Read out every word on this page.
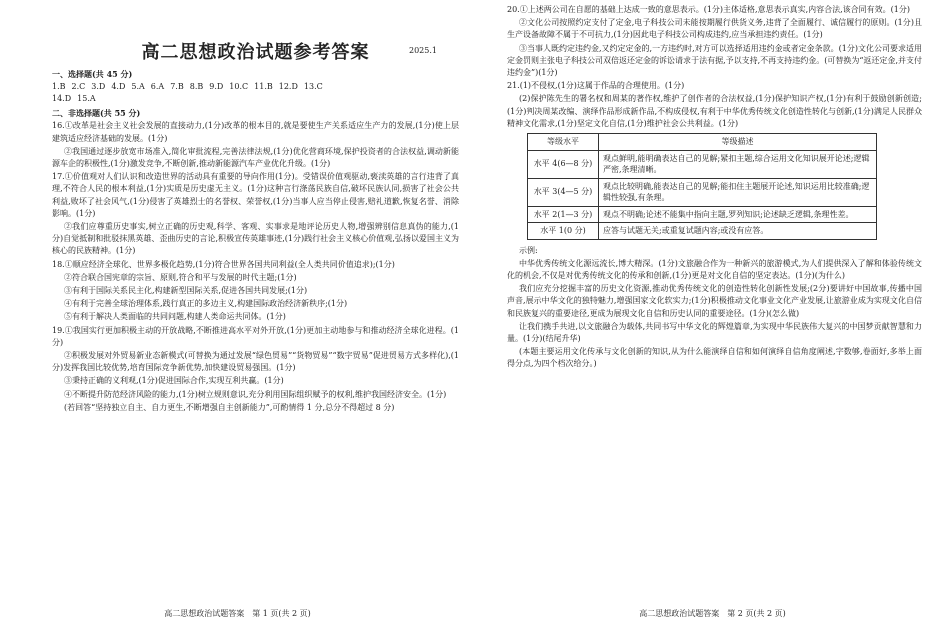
高二思想政治试题参考答案	2025.1
一、选择题(共 45 分)
1.B 2.C 3.D 4.D 5.A 6.A 7.B 8.B 9.D 10.C 11.B 12.D 13.C
14.D 15.A
二、非选择题(共 55 分)

16.①改革是社会主义社会发展的直接动力,(1分)改革的根本目的,就是要使生产关系适应生产力的发展,(1分)使上层建筑适应经济基础的发展。(1分)

②我国通过逐步放宽市场准入,简化审批流程,完善法律法规,(1分)优化营商环境,保护投资者的合法权益,调动新能源车企的积极性,(1分)激发竞争,不断创新,推动新能源汽车产业优化升级。(1分)

17.①价值观对人们认识和改造世界的活动具有重要的导向作用(1分)。受错误价值观驱动,亵渎英雄的言行违背了真理,不符合人民的根本利益,(1分)实质是历史虚无主义。(1分)这种言行涤荡民族自信,破坏民族认同,损害了社会公共利益,败坏了社会风气,(1分)侵害了英雄烈士的名誉权、荣誉权,(1分)当事人应当停止侵害,赔礼道歉,恢复名誉、消除影响。(1分)

②我们应尊重历史事实,树立正确的历史观,科学、客观、实事求是地评论历史人物,增强辨别信息真伪的能力,(1分)自觉抵制和批驳抹黑英雄、歪曲历史的言论,积极宣传英雄事迹,(1分)践行社会主义核心价值观,弘扬以爱国主义为核心的民族精神。(1分)

18.①顺应经济全球化、世界多极化趋势,(1分)符合世界各国共同利益(全人类共同价值追求);(1分)

②符合联合国宪章的宗旨、原则,符合和平与发展的时代主题;(1分)

③有利于国际关系民主化,构建新型国际关系,促进各国共同发展;(1分)

④有利于完善全球治理体系,践行真正的多边主义,构建国际政治经济新秩序;(1分)

⑤有利于解决人类面临的共同问题,构建人类命运共同体。(1分)

19.①我国实行更加积极主动的开放战略,不断推进高水平对外开放,(1分)更加主动地参与和推动经济全球化进程。(1分)

②积极发展对外贸易新业态新模式(可替换为通过发展“绿色贸易”“货物贸易”“数字贸易”促进贸易方式多样化),(1分)发挥我国比较优势,培育国际竞争新优势,加快建设贸易强国。(1分)

③秉持正确的义利观,(1分)促进国际合作,实现互利共赢。(1分)

④不断提升防范经济风险的能力,(1分)树立规则意识,充分利用国际组织赋予的权利,维护我国经济安全。(1分)

(若回答“坚持独立自主、自力更生,不断增强自主创新能力”,可酌情得 1 分,总分不得超过 8 分)

高二思想政治试题答案　第 1 页(共 2 页)

20.①上述两公司在自愿的基础上达成一致的意思表示。(1分)主体适格,意思表示真实,内容合法,该合同有效。(1分)

②文化公司按照约定支付了定金,电子科技公司未能按期履行供货义务,违背了全面履行、诚信履行的原则。(1分)且生产设备故障不属于不可抗力,(1分)因此电子科技公司构成违约,应当承担违约责任。(1分)

③当事人既约定违约金,又约定定金的,一方违约时,对方可以选择适用违约金或者定金条款。(1分)文化公司要求适用定金罚则主张电子科技公司双倍返还定金的诉讼请求于法有据,予以支持,不再支持违约金。(可替换为“返还定金,并支付违约金”)(1分)

21.(1)不侵权,(1分)这属于作品的合理使用。(1分)

(2)保护陈先生的署名权和周某的著作权,维护了创作者的合法权益,(1分)保护知识产权,(1分)有利于鼓励创新创造;(1分)判决周某改编、演绎作品形成新作品,不构成侵权,有利于中华优秀传统文化创造性转化与创新,(1分)满足人民群众精神文化需求,(1分)坚定文化自信,(1分)维护社会公共利益。(1分)

等级水平	等级描述
水平 4(6—8 分)	观点鲜明,能明确表达自己的见解;紧扣主题,综合运用文化知识展开论述;逻辑严密,条理清晰。
水平 3(4—5 分)	观点比较明确,能表达自己的见解;能扣住主题展开论述,知识运用比较准确;逻辑性较强,有条理。
水平 2(1—3 分)	观点不明确;论述不能集中指向主题,罗列知识;论述缺乏逻辑,条理性差。
水平 1(0 分)	应答与试题无关;或重复试题内容;或没有应答。

示例:

中华优秀传统文化源远流长,博大精深。(1分)文旅融合作为一种新兴的旅游模式,为人们提供深入了解和体验传统文化的机会,不仅是对优秀传统文化的传承和创新,(1分)更是对文化自信的坚定表达。(1分)(为什么)

我们应充分挖掘丰富的历史文化资源,推动优秀传统文化的创造性转化创新性发展;(2分)要讲好中国故事,传播中国声音,展示中华文化的独特魅力,增强国家文化软实力;(1分)积极推动文化事业文化产业发展,让旅游业成为实现文化自信和民族复兴的重要途径,更成为展现文化自信和历史认同的重要途径。(1分)(怎么做)

让我们携手共进,以文旅融合为载体,共同书写中华文化的辉煌篇章,为实现中华民族伟大复兴的中国梦贡献智慧和力量。(1分)(结尾升华)

(本题主要运用文化传承与文化创新的知识,从为什么能演绎自信和如何演绎自信角度阐述,字数够,卷面好,多举上面得分点,为四个档次给分。)

高二思想政治试题答案　第 2 页(共 2 页)
